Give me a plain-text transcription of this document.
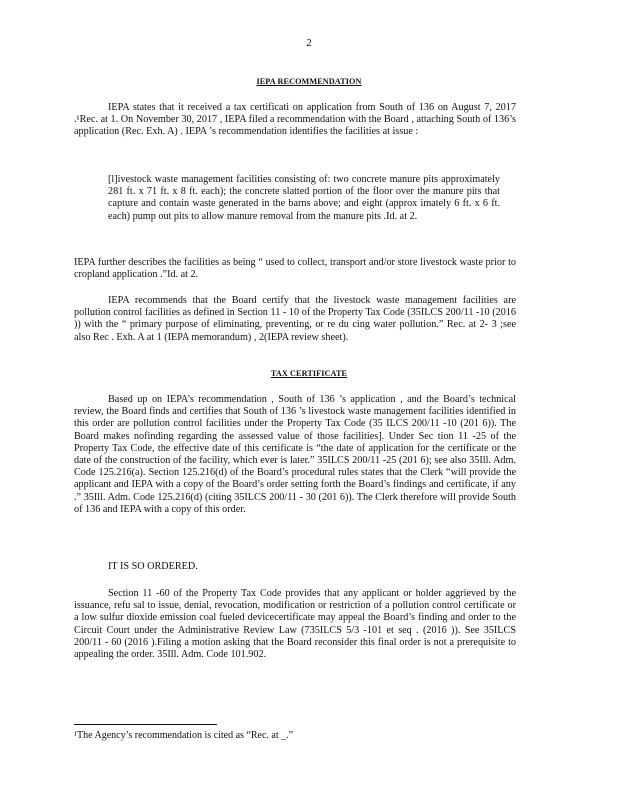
2
IEPA RECOMMENDATION

IEPA states that it received a tax certificati on application from South of 136 on August 7, 2017 .¹Rec. at 1. On November 30, 2017 , IEPA filed a recommendation with the Board , attaching South of 136’s application (Rec. Exh. A) . IEPA ’s recommendation identifies the facilities at issue :

[l]ivestock waste management facilities consisting of: two concrete manure pits approximately 281 ft. x 71 ft. x 8 ft. each); the concrete slatted portion of the floor over the manure pits that capture and contain waste generated in the barns above; and eight (approx imately 6 ft. x 6 ft. each) pump out pits to allow manure removal from the manure pits .Id. at 2.

IEPA further describes the facilities as being “ used to collect, transport and/or store livestock waste prior to cropland application .”Id. at 2.

IEPA recommends that the Board certify that the livestock waste management facilities are pollution control facilities as defined in Section 11 - 10 of the Property Tax Code (35ILCS 200/11 -10 (2016 )) with the “ primary purpose of eliminating, preventing, or re du cing water pollution.” Rec. at 2- 3 ;see also Rec . Exh. A at 1 (IEPA memorandum) , 2(IEPA review sheet).

TAX CERTIFICATE

Based up on IEPA’s recommendation , South of 136 ’s application , and the Board’s technical review, the Board finds and certifies that South of 136 ’s livestock waste management facilities identified in this order are pollution control facilities under the Property Tax Code (35 ILCS 200/11 -10 (201 6)). The Board makes nofinding regarding the assessed value of those facilities]. Under Sec tion 11 -25 of the Property Tax Code, the effective date of this certificate is “the date of application for the certificate or the date of the construction of the facility, which ever is later.” 35ILCS 200/11 -25 (201 6); see also 35Ill. Adm. Code 125.216(a). Section 125.216(d) of the Board’s procedural rules states that the Clerk “will provide the applicant and IEPA with a copy of the Board’s order setting forth the Board’s findings and certificate, if any .” 35Ill. Adm. Code 125.216(d) (citing 35ILCS 200/11 - 30 (201 6)). The Clerk therefore will provide South of 136 and IEPA with a copy of this order.

IT IS SO ORDERED.

Section 11 -60 of the Property Tax Code provides that any applicant or holder aggrieved by the issuance, refu sal to issue, denial, revocation, modification or restriction of a pollution control certificate or a low sulfur dioxide emission coal fueled devicecertificate may appeal the Board’s finding and order to the Circuit Court under the Administrative Review Law (735ILCS 5/3 -101 et seq . (2016 )). See 35ILCS 200/11 - 60 (2016 ).Filing a motion asking that the Board reconsider this final order is not a prerequisite to appealing the order. 35Ill. Adm. Code 101.902.

¹The Agency’s recommendation is cited as “Rec. at _.”
